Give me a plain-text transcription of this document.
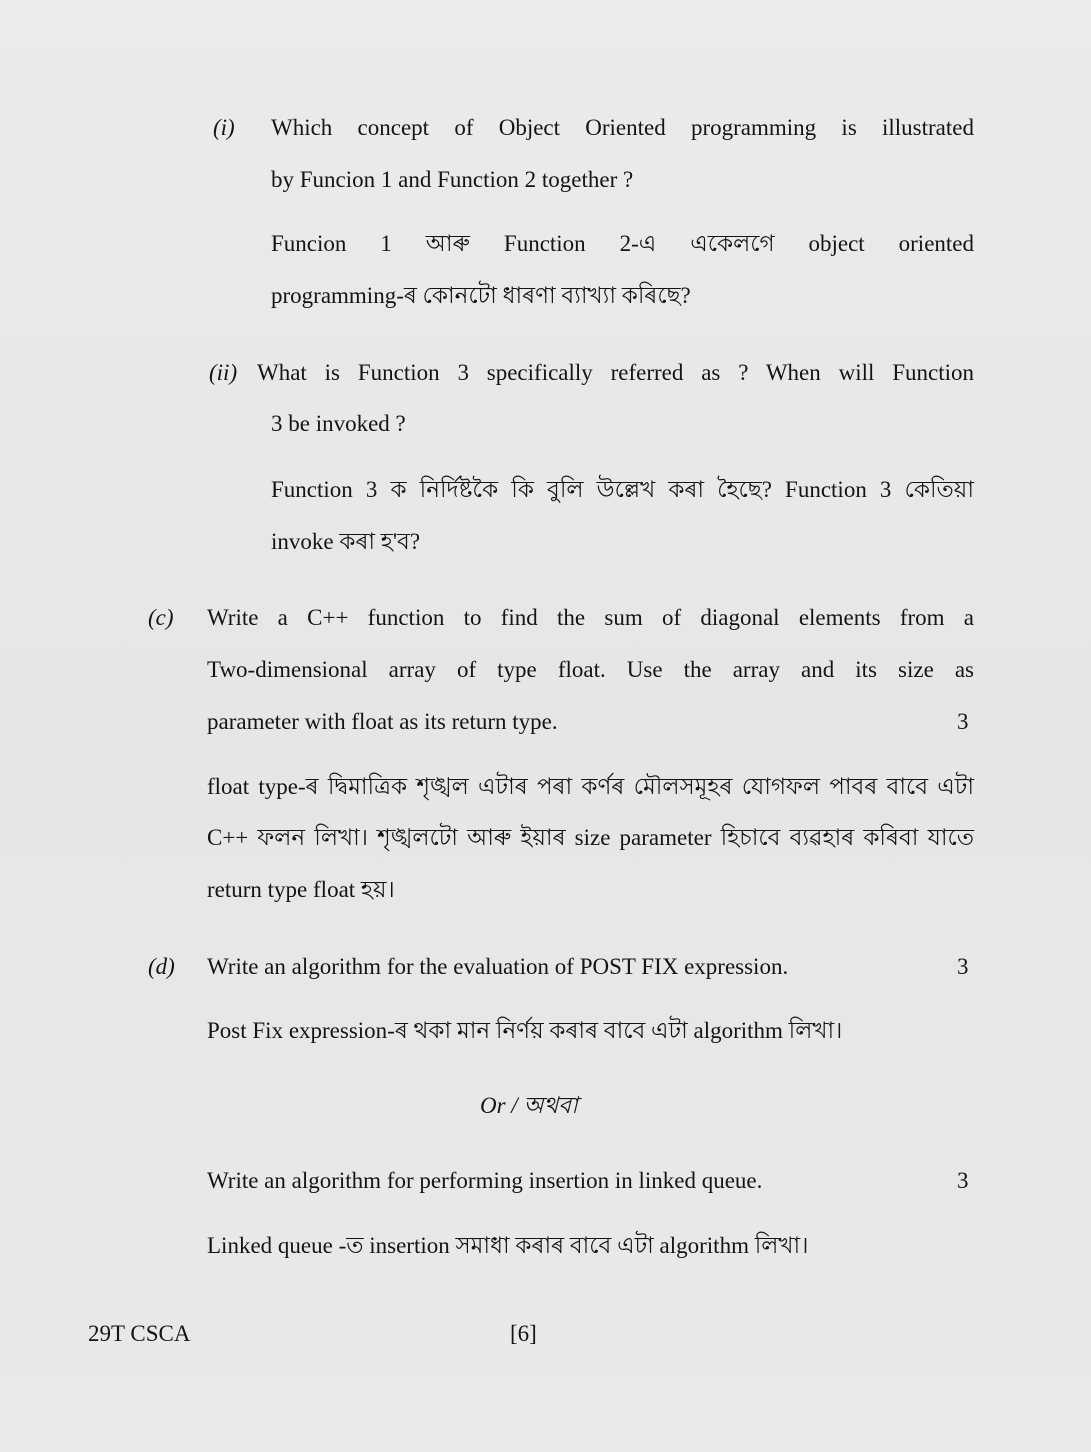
(i) Which concept of Object Oriented programming is illustrated
by Funcion 1 and Function 2 together ?
Funcion 1 আৰু Function 2-এ একেলগে object oriented
programming-ৰ কোনটো ধাৰণা ব্যাখ্যা কৰিছে?
(ii) What is Function 3 specifically referred as ? When will Function
3 be invoked ?
Function 3 ক নিৰ্দিষ্টকৈ কি বুলি উল্লেখ কৰা হৈছে? Function 3 কেতিয়া
invoke কৰা হ'ব?
(c) Write a C++ function to find the sum of diagonal elements from a
Two-dimensional array of type float. Use the array and its size as
parameter with float as its return type.	3
float type-ৰ দ্বিমাত্ৰিক শৃঙ্খল এটাৰ পৰা কৰ্ণৰ মৌলসমূহৰ যোগফল পাবৰ বাবে এটা
C++ ফলন লিখা। শৃঙ্খলটো আৰু ইয়াৰ size parameter হিচাবে ব্যৱহাৰ কৰিবা যাতে
return type float হয়।
(d) Write an algorithm for the evaluation of POST FIX expression.	3
Post Fix expression-ৰ থকা মান নিৰ্ণয় কৰাৰ বাবে এটা algorithm লিখা।
Or / অথবা
Write an algorithm for performing insertion in linked queue.	3
Linked queue -ত insertion সমাধা কৰাৰ বাবে এটা algorithm লিখা।
29T CSCA	[6]
